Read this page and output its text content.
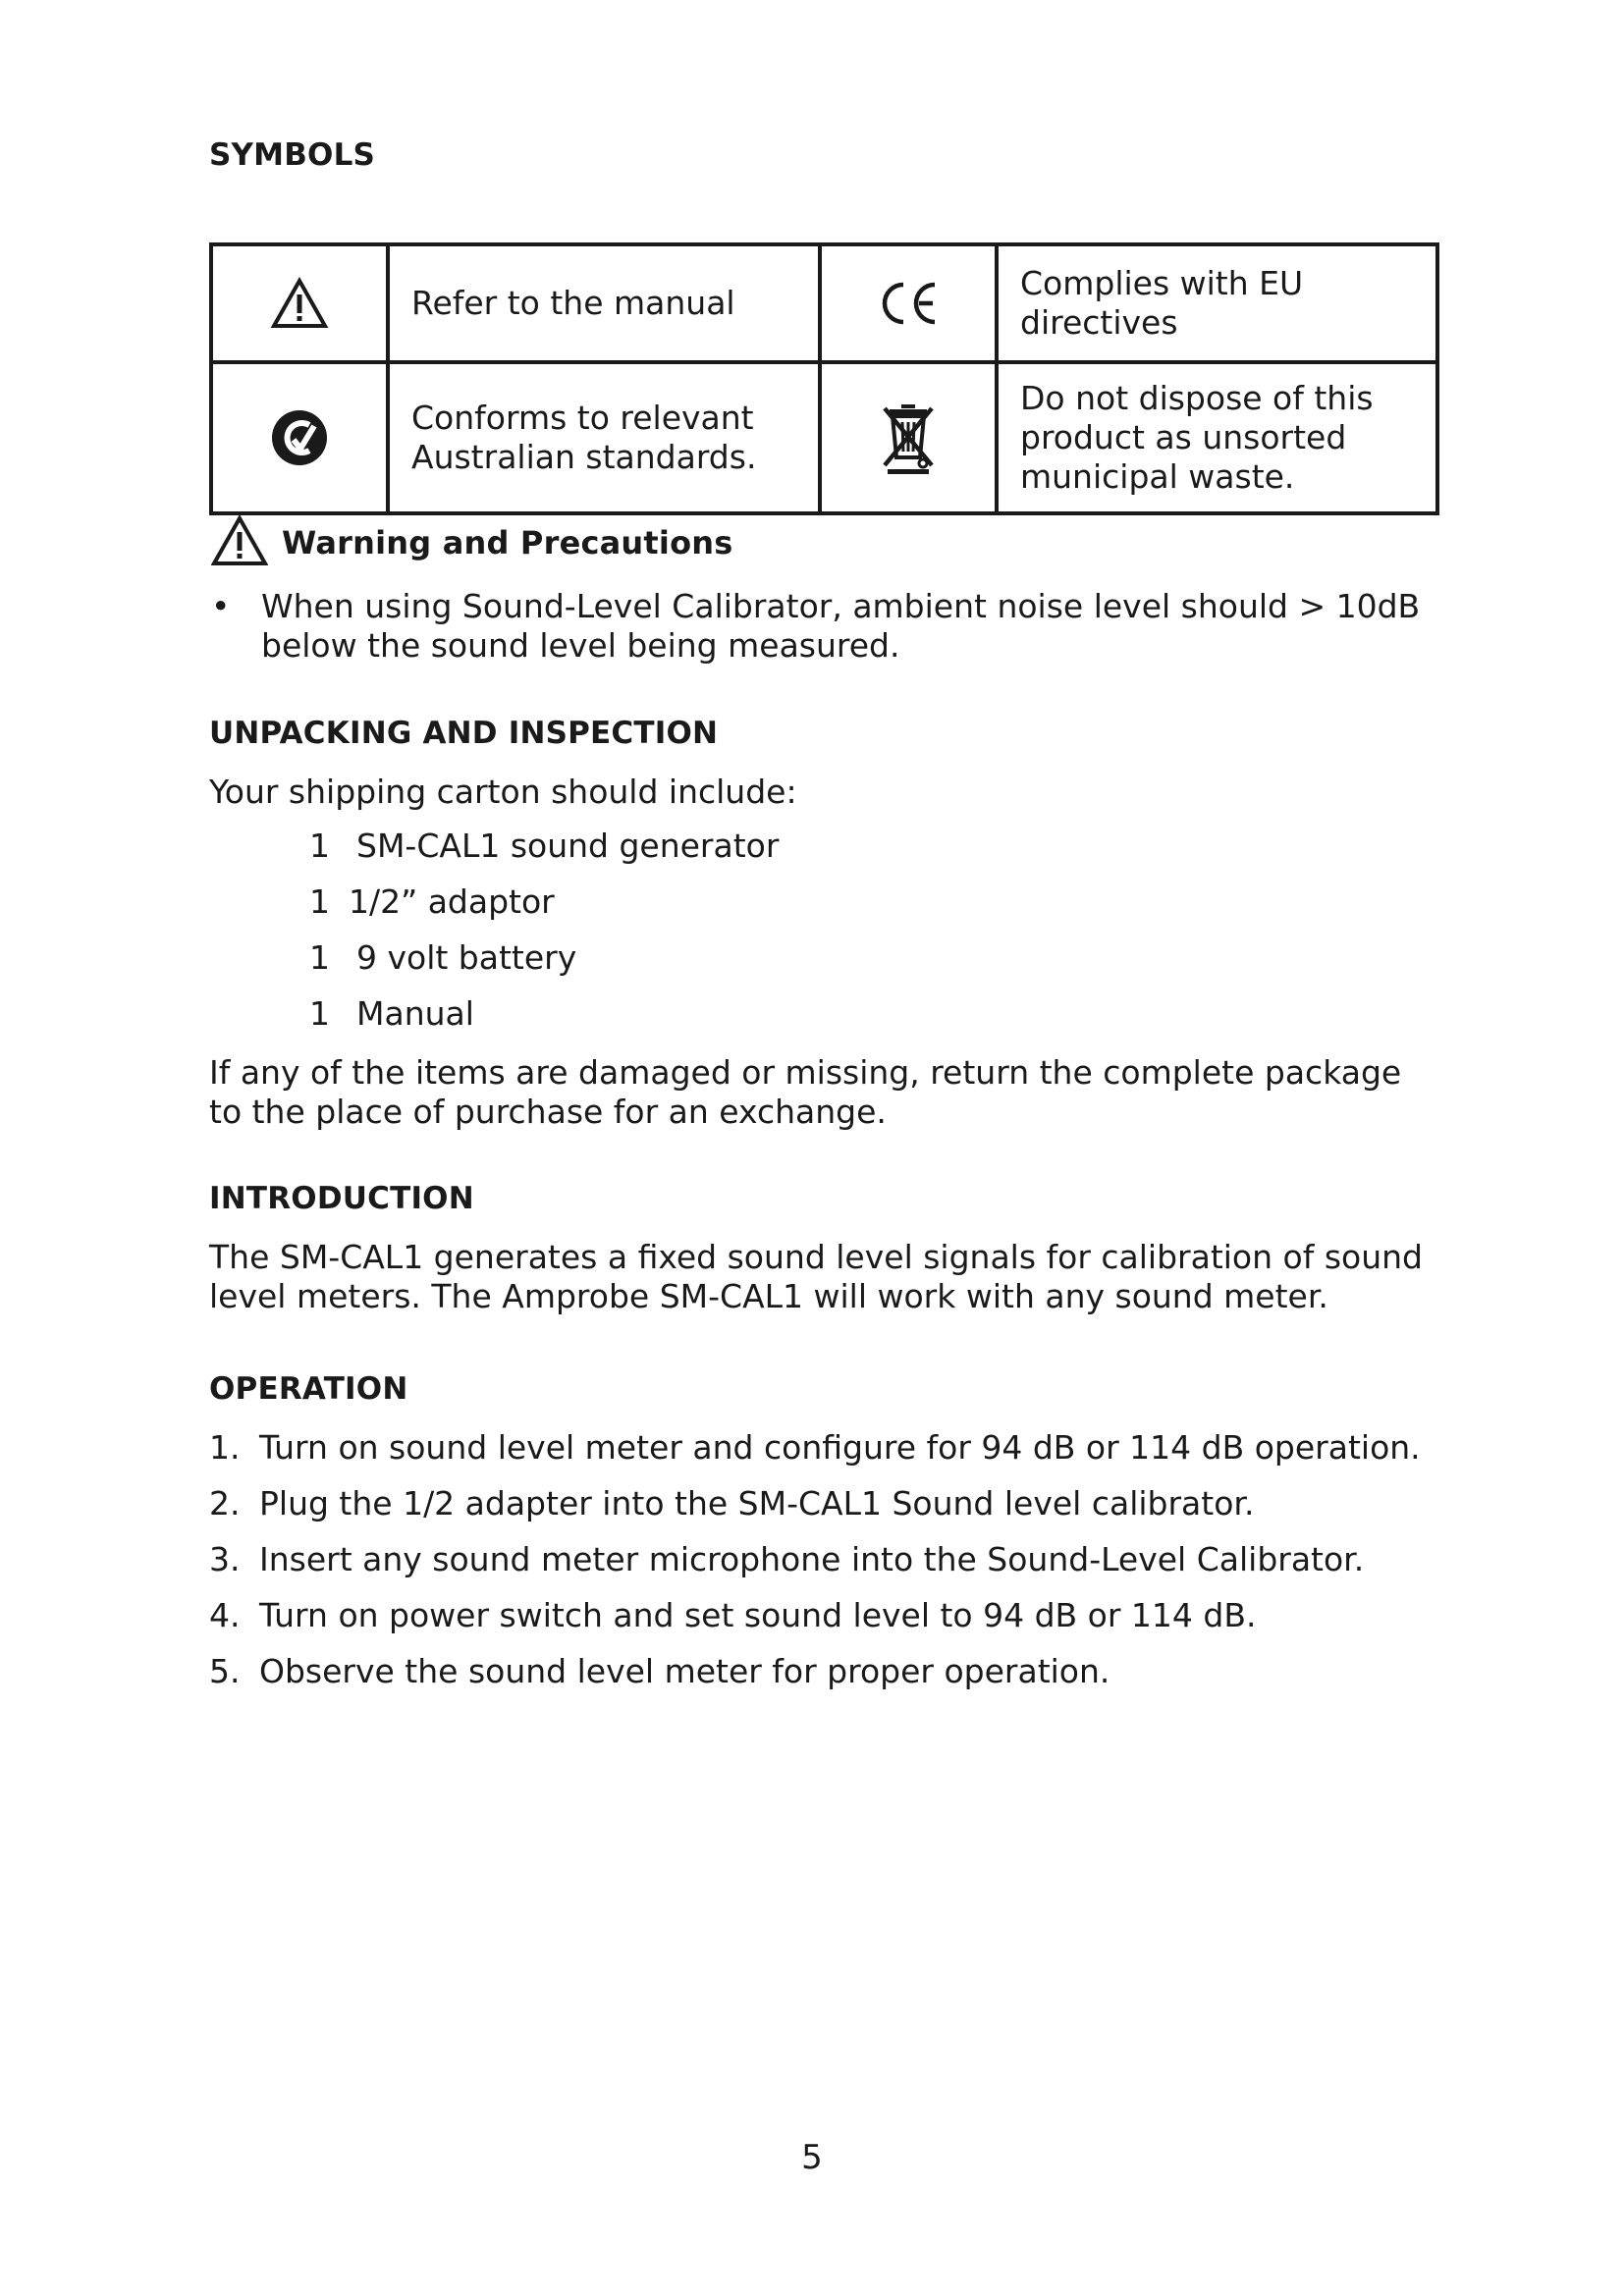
SYMBOLS
	Refer to the manual		Complies with EU directives

	Conforms to relevant Australian standards.		Do not dispose of this product as unsorted municipal waste.
Warning and Precautions
• When using Sound-Level Calibrator, ambient noise level should > 10dB below the sound level being measured.
UNPACKING AND INSPECTION

Your shipping carton should include:

1 SM-CAL1 sound generator
1 1/2” adaptor
1 9 volt battery
1 Manual

If any of the items are damaged or missing, return the complete package to the place of purchase for an exchange.

INTRODUCTION

The SM-CAL1 generates a fixed sound level signals for calibration of sound level meters. The Amprobe SM-CAL1 will work with any sound meter.

OPERATION
1. Turn on sound level meter and configure for 94 dB or 114 dB operation.
2. Plug the 1/2 adapter into the SM-CAL1 Sound level calibrator.
3. Insert any sound meter microphone into the Sound-Level Calibrator.
4. Turn on power switch and set sound level to 94 dB or 114 dB.
5. Observe the sound level meter for proper operation.
5
